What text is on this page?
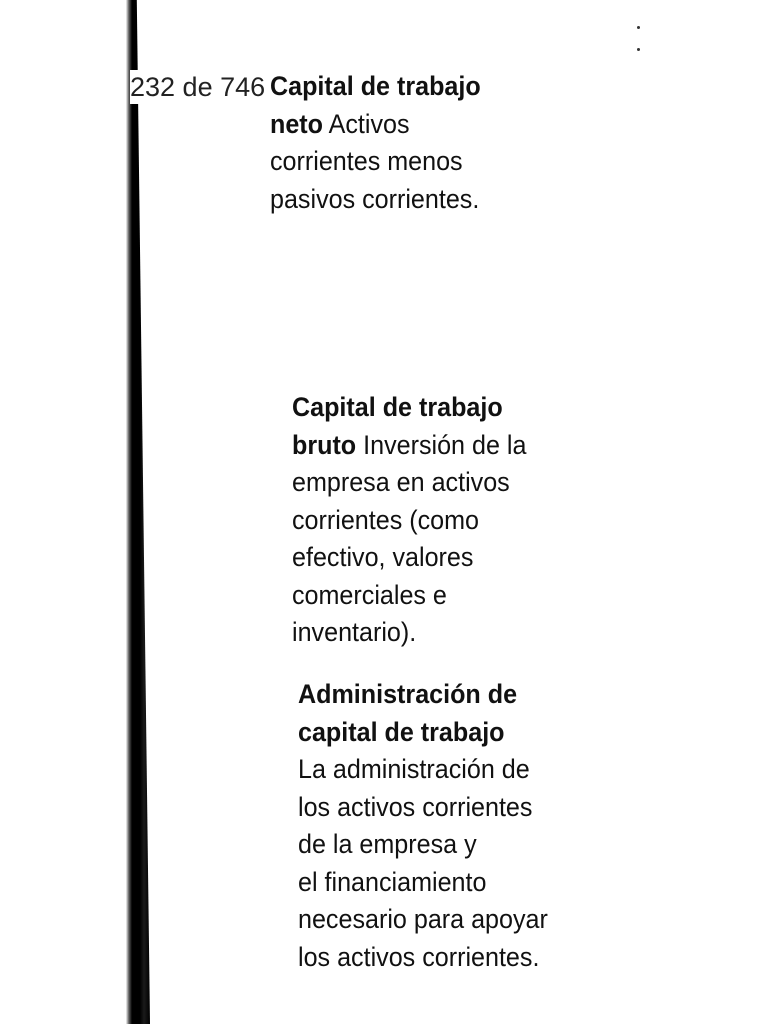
232 de 746 Capital de trabajo
neto Activos
corrientes menos
pasivos corrientes.
Capital de trabajo
bruto Inversión de la
empresa en activos
corrientes (como
efectivo, valores
comerciales e
inventario).
Administración de
capital de trabajo
La administración de
los activos corrientes
de la empresa y
el financiamiento
necesario para apoyar
los activos corrientes.
